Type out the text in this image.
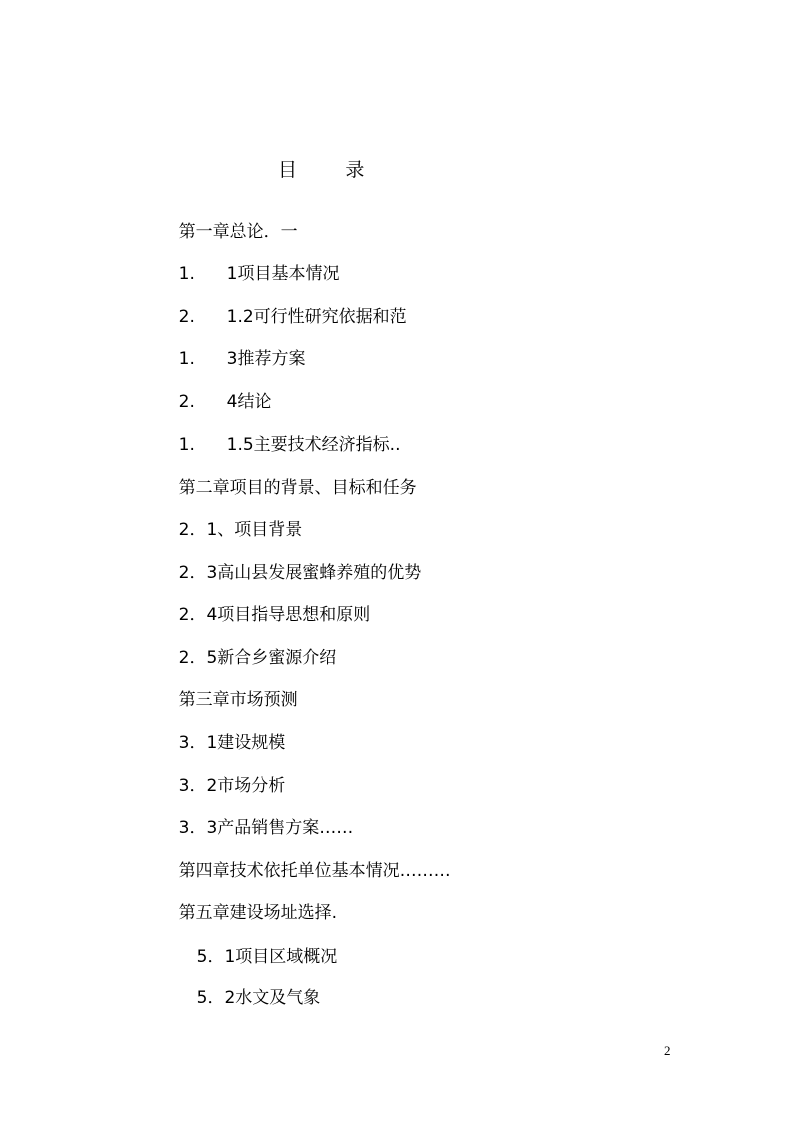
目        录

第一章总论．一

1. 1项目基本情况

2. 1.2可行性研究依据和范

1. 3推荐方案

2. 4结论

1. 1.5主要技术经济指标..

第二章项目的背景、目标和任务

2．1、项目背景

2．3高山县发展蜜蜂养殖的优势

2．4项目指导思想和原则

2．5新合乡蜜源介绍

第三章市场预测

3．1建设规模

3．2市场分析

3．3产品销售方案……

第四章技术依托单位基本情况………

第五章建设场址选择.

5．1项目区域概况

5．2水文及气象

2
